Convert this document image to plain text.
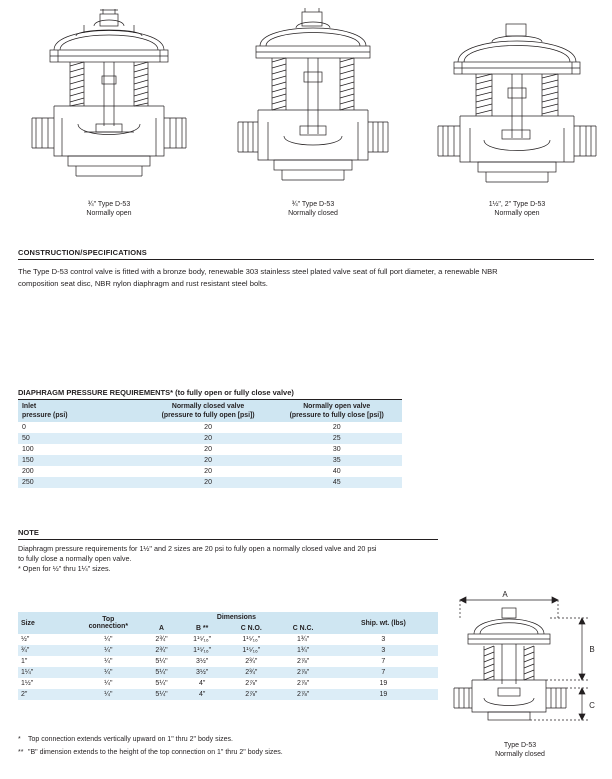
¾" Type D-53
Normally open
¾" Type D-53
Normally closed
1½", 2" Type D-53
Normally open
CONSTRUCTION/SPECIFICATIONS

The Type D-53 control valve is fitted with a bronze body, renewable 303 stainless steel plated valve seat of full port diameter, a renewable NBR composition seat disc, NBR nylon diaphragm and rust resistant steel bolts.

DIAPHRAGM PRESSURE REQUIREMENTS* (to fully open or fully close valve)
Inlet
pressure (psi)

Normally closed valve
(pressure to fully open [psi])

Normally open valve
(pressure to fully close [psi])

0	20	20
50	20	25
100	20	30
150	20	35
200	20	40
250	20	45
NOTE

Diaphragm pressure requirements for 1½" and 2 sizes are 20 psi to fully open a normally closed valve and 20 psi
to fully close a normally open valve.
* Open for ½" thru 1¼" sizes.

Size	Top
connection*	Dimensions				Ship. wt. (lbs)
		A	B **	C N.O.	C N.C.	
½"	¼"	2¾"	1¹⁵⁄₁₆"	1¹⁵⁄₁₆"	1¾"	3
¾"	¼"	2¾"	1¹⁵⁄₁₆"	1¹⁵⁄₁₆"	1¾"	3
1"	¼"	5¼"	3½"	2¾"	2⅞"	7
1¼"	¼"	5¼"	3½"	2¾"	2⅞"	7
1½"	¼"	5¼"	4"	2⅞"	2⅞"	19
2"	¼"	5¼"	4"	2⅞"	2⅞"	19
* Top connection extends vertically upward on 1" thru 2" body sizes.
** "B" dimension extends to the height of the top connection on 1" thru 2" body sizes.
A
B
C
Type D-53
Normally closed
